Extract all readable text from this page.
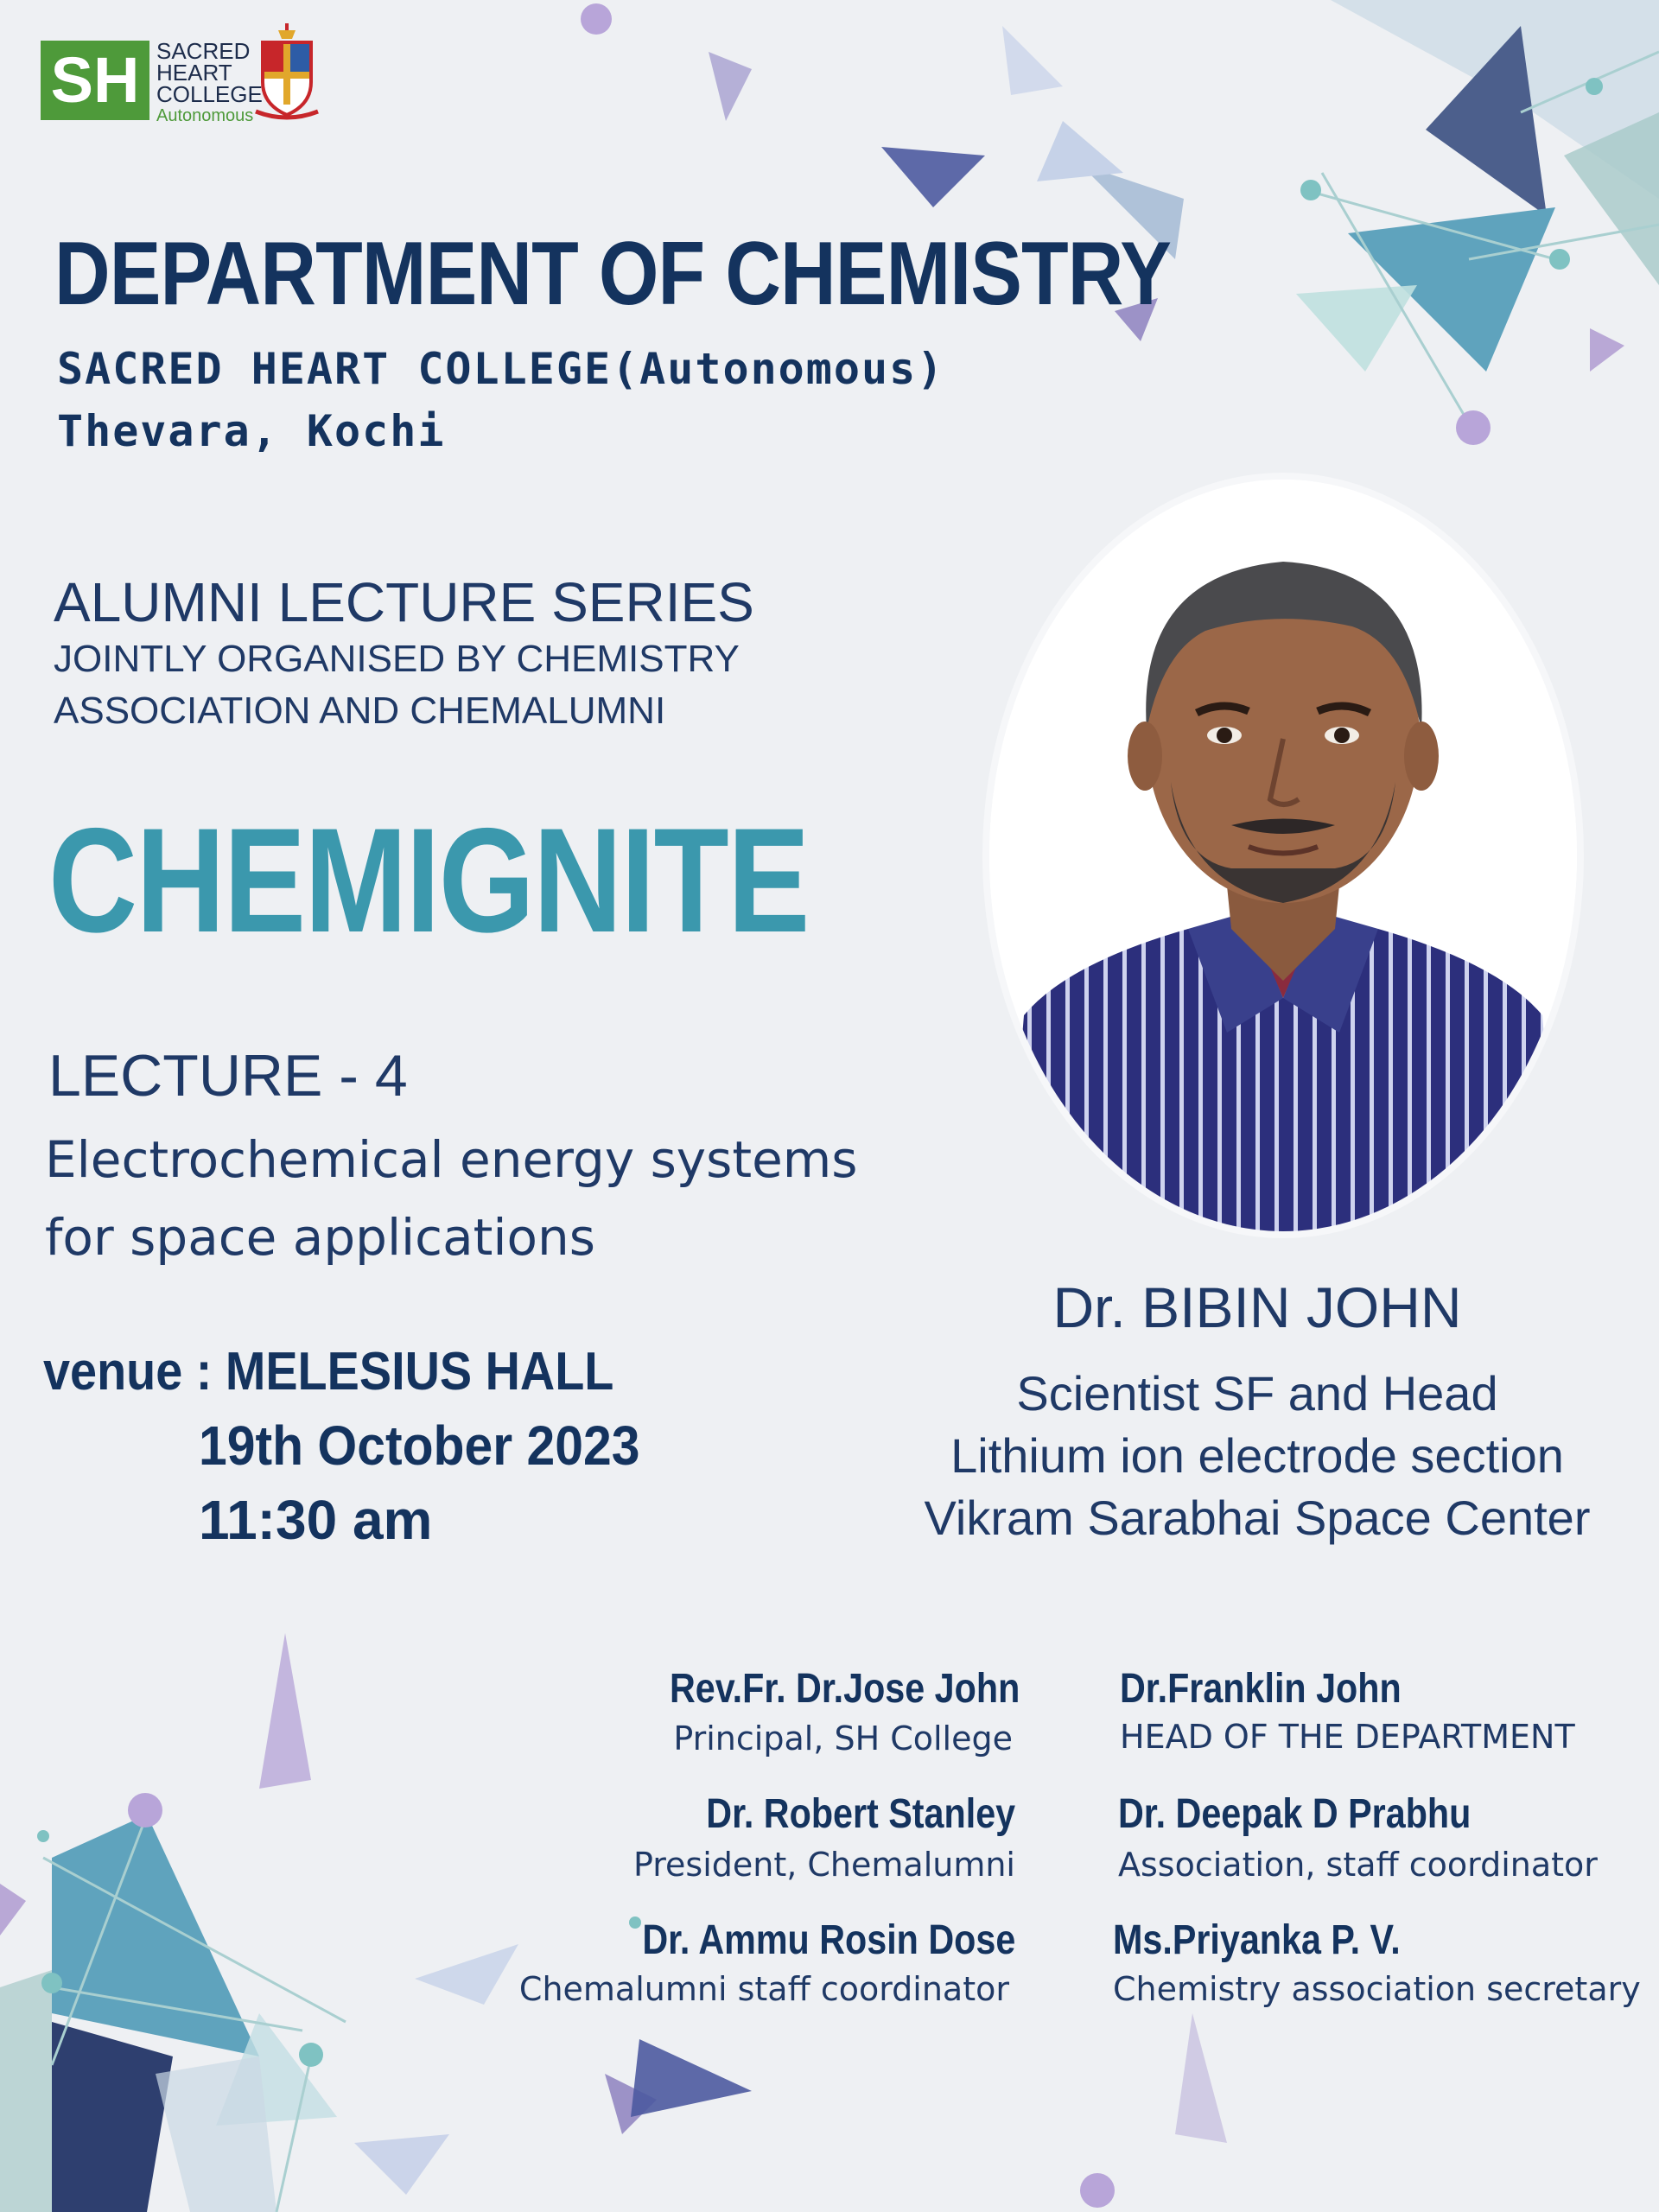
SH SACRED
HEART
COLLEGE
Autonomous
DEPARTMENT OF CHEMISTRY
SACRED HEART COLLEGE(Autonomous)
Thevara, Kochi
ALUMNI LECTURE SERIES
JOINTLY ORGANISED BY CHEMISTRY
ASSOCIATION AND CHEMALUMNI
CHEMIGNITE
LECTURE - 4
Electrochemical energy systems
for space applications
venue : MELESIUS HALL
19th October 2023
11:30 am
Dr. BIBIN JOHN
Scientist SF and Head
Lithium ion electrode section
Vikram Sarabhai Space Center
Rev.Fr. Dr.Jose John
Principal, SH College
Dr.Franklin John
HEAD OF THE DEPARTMENT
Dr. Robert Stanley
President, Chemalumni
Dr. Deepak D Prabhu
Association, staff coordinator
Dr. Ammu Rosin Dose
Chemalumni staff coordinator
Ms.Priyanka P. V.
Chemistry association secretary
